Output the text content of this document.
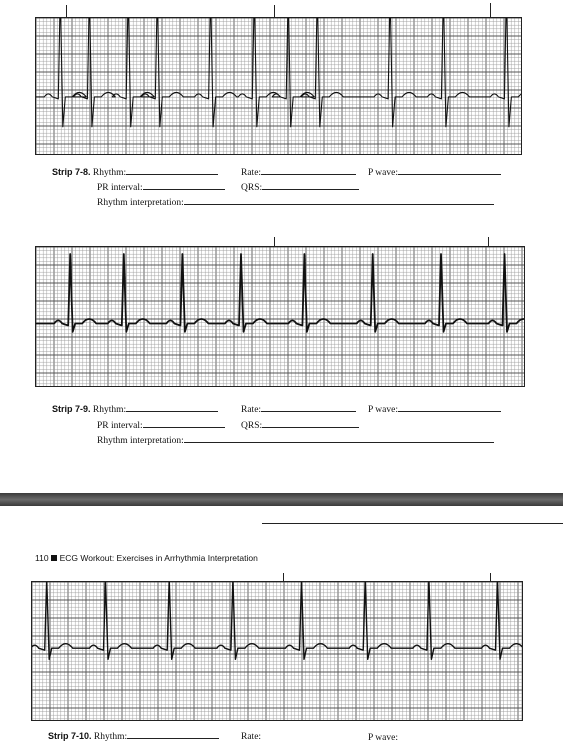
Strip 7-8. Rhythm:	Rate:	P wave:
PR interval:	QRS:
Rhythm interpretation:
Strip 7-9. Rhythm:	Rate:	P wave:
PR interval:	QRS:
Rhythm interpretation:
110 ECG Workout: Exercises in Arrhythmia Interpretation
Strip 7-10. Rhythm:	Rate:	P wave:
